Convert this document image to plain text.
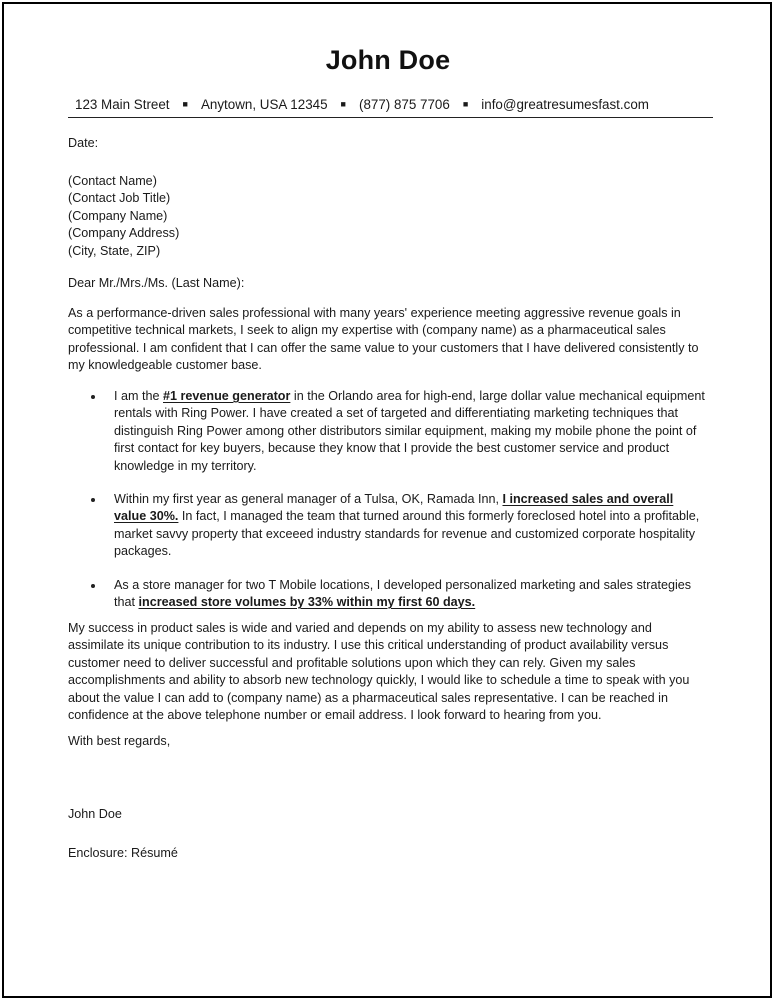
John Doe
123 Main Street ■ Anytown, USA 12345 ■ (877) 875 7706 ■ info@greatresumesfast.com

Date:

(Contact Name)

(Contact Job Title)

(Company Name)

(Company Address)

(City, State, ZIP)

Dear Mr./Mrs./Ms. (Last Name):

As a performance-driven sales professional with many years' experience meeting aggressive revenue goals in competitive technical markets, I seek to align my expertise with (company name) as a pharmaceutical sales professional. I am confident that I can offer the same value to your customers that I have delivered consistently to my knowledgeable customer base.

I am the #1 revenue generator in the Orlando area for high-end, large dollar value mechanical equipment rentals with Ring Power. I have created a set of targeted and differentiating marketing techniques that distinguish Ring Power among other distributors similar equipment, making my mobile phone the point of first contact for key buyers, because they know that I provide the best customer service and product knowledge in my territory.
Within my first year as general manager of a Tulsa, OK, Ramada Inn, I increased sales and overall value 30%. In fact, I managed the team that turned around this formerly foreclosed hotel into a profitable, market savvy property that exceeed industry standards for revenue and customized corporate hospitality packages.
As a store manager for two T Mobile locations, I developed personalized marketing and sales strategies that increased store volumes by 33% within my first 60 days.

My success in product sales is wide and varied and depends on my ability to assess new technology and assimilate its unique contribution to its industry. I use this critical understanding of product availability versus customer need to deliver successful and profitable solutions upon which they can rely. Given my sales accomplishments and ability to absorb new technology quickly, I would like to schedule a time to speak with you about the value I can add to (company name) as a pharmaceutical sales representative. I can be reached in confidence at the above telephone number or email address. I look forward to hearing from you.

With best regards,

John Doe

Enclosure: Résumé
